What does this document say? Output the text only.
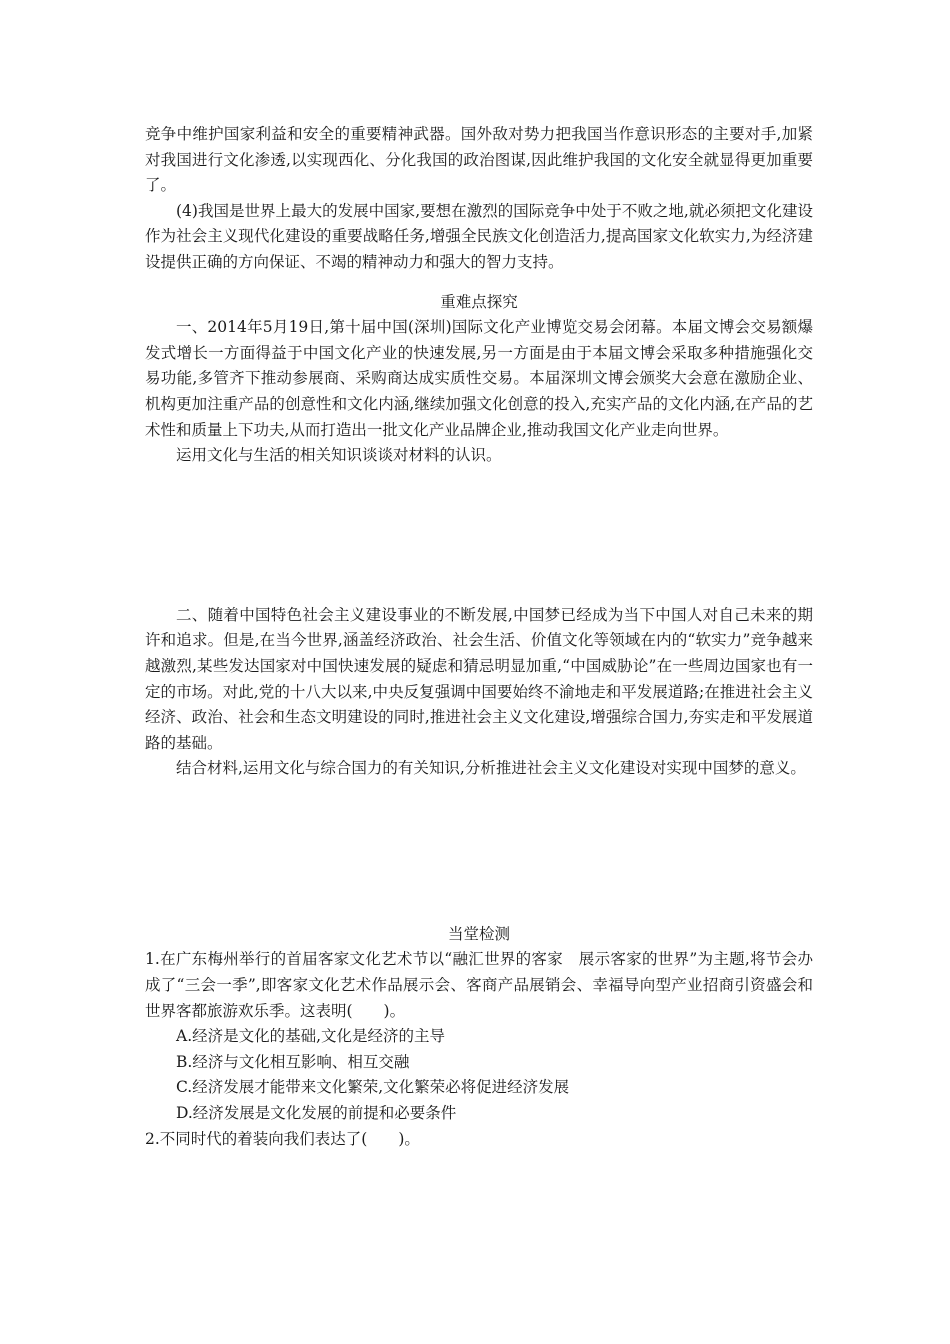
竞争中维护国家利益和安全的重要精神武器。国外敌对势力把我国当作意识形态的主要对手,加紧对我国进行文化渗透,以实现西化、分化我国的政治图谋,因此维护我国的文化安全就显得更加重要了。

(4)我国是世界上最大的发展中国家,要想在激烈的国际竞争中处于不败之地,就必须把文化建设作为社会主义现代化建设的重要战略任务,增强全民族文化创造活力,提高国家文化软实力,为经济建设提供正确的方向保证、不竭的精神动力和强大的智力支持。

重难点探究

一、2014年5月19日,第十届中国(深圳)国际文化产业博览交易会闭幕。本届文博会交易额爆发式增长一方面得益于中国文化产业的快速发展,另一方面是由于本届文博会采取多种措施强化交易功能,多管齐下推动参展商、采购商达成实质性交易。本届深圳文博会颁奖大会意在激励企业、机构更加注重产品的创意性和文化内涵,继续加强文化创意的投入,充实产品的文化内涵,在产品的艺术性和质量上下功夫,从而打造出一批文化产业品牌企业,推动我国文化产业走向世界。

运用文化与生活的相关知识谈谈对材料的认识。

二、随着中国特色社会主义建设事业的不断发展,中国梦已经成为当下中国人对自己未来的期许和追求。但是,在当今世界,涵盖经济政治、社会生活、价值文化等领域在内的“软实力”竞争越来越激烈,某些发达国家对中国快速发展的疑虑和猜忌明显加重,“中国威胁论”在一些周边国家也有一定的市场。对此,党的十八大以来,中央反复强调中国要始终不渝地走和平发展道路;在推进社会主义经济、政治、社会和生态文明建设的同时,推进社会主义文化建设,增强综合国力,夯实走和平发展道路的基础。

结合材料,运用文化与综合国力的有关知识,分析推进社会主义文化建设对实现中国梦的意义。

当堂检测

1.在广东梅州举行的首届客家文化艺术节以“融汇世界的客家　展示客家的世界”为主题,将节会办成了“三会一季”,即客家文化艺术作品展示会、客商产品展销会、幸福导向型产业招商引资盛会和世界客都旅游欢乐季。这表明(　　)。

A.经济是文化的基础,文化是经济的主导

B.经济与文化相互影响、相互交融

C.经济发展才能带来文化繁荣,文化繁荣必将促进经济发展

D.经济发展是文化发展的前提和必要条件

2.不同时代的着装向我们表达了(　　)。
